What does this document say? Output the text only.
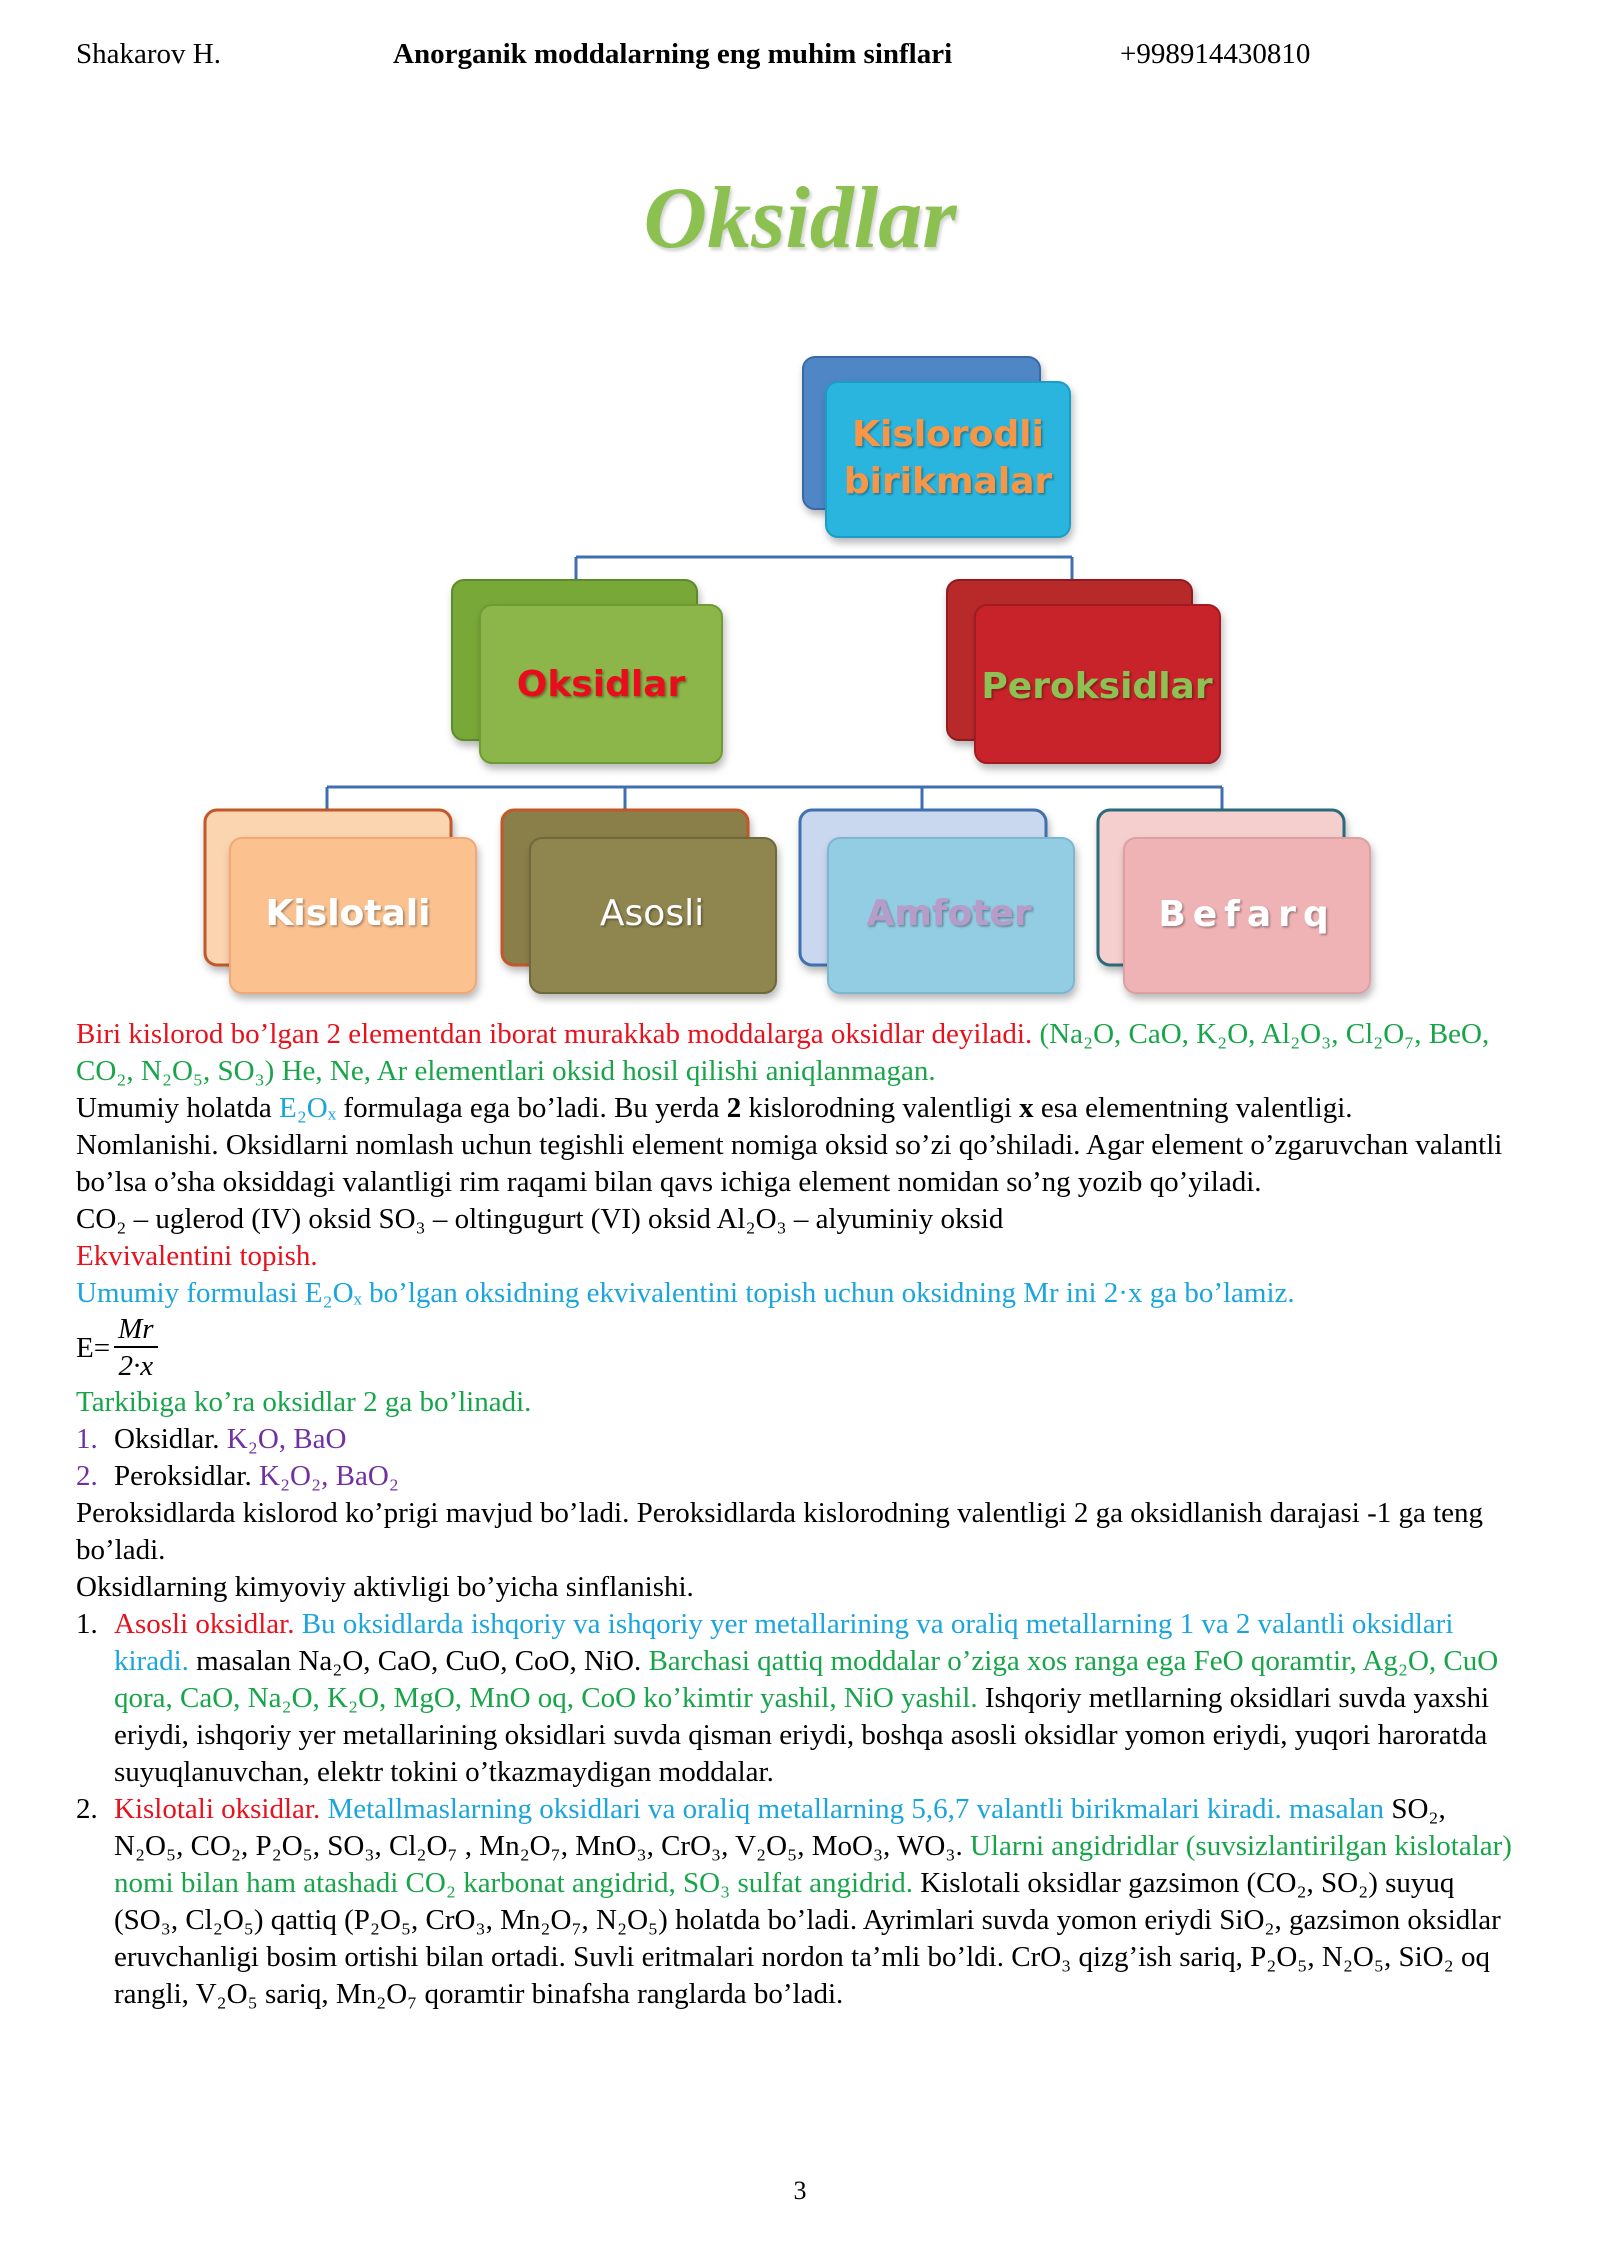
Shakarov H.	Anorganik moddalarning eng muhim sinflari	+998914430810
Oksidlar
Kislorodli
birikmalar
Oksidlar	Peroksidlar
Kislotali	Asosli	Amfoter	Befarq

Biri kislorod bo’lgan 2 elementdan iborat murakkab moddalarga oksidlar deyiladi. (Na₂O, CaO, K₂O, Al₂O₃, Cl₂O₇, BeO, CO₂, N₂O₅, SO₃) He, Ne, Ar elementlari oksid hosil qilishi aniqlanmagan.

Umumiy holatda E₂Oₓ formulaga ega bo’ladi. Bu yerda 2 kislorodning valentligi x esa elementning valentligi.

Nomlanishi. Oksidlarni nomlash uchun tegishli element nomiga oksid so’zi qo’shiladi. Agar element o’zgaruvchan valantli bo’lsa o’sha oksiddagi valantligi rim raqami bilan qavs ichiga element nomidan so’ng yozib qo’yiladi.

CO₂ – uglerod (IV) oksid SO₃ – oltingugurt (VI) oksid Al₂O₃ – alyuminiy oksid

Ekvivalentini topish.

Umumiy formulasi E₂Oₓ bo’lgan oksidning ekvivalentini topish uchun oksidning Mr ini 2·x ga bo’lamiz.

$E= \frac{Mr}{2\cdot x}$

Tarkibiga ko’ra oksidlar 2 ga bo’linadi.

1. Oksidlar. K₂O, BaO
2. Peroksidlar. K₂O₂, BaO₂

Peroksidlarda kislorod ko’prigi mavjud bo’ladi. Peroksidlarda kislorodning valentligi 2 ga oksidlanish darajasi -1 ga teng bo’ladi.

Oksidlarning kimyoviy aktivligi bo’yicha sinflanishi.

1. Asosli oksidlar. Bu oksidlarda ishqoriy va ishqoriy yer metallarining va oraliq metallarning 1 va 2 valantli oksidlari kiradi. masalan Na₂O, CaO, CuO, CoO, NiO. Barchasi qattiq moddalar o’ziga xos ranga ega FeO qoramtir, Ag₂O, CuO qora, CaO, Na₂O, K₂O, MgO, MnO oq, CoO ko’kimtir yashil, NiO yashil. Ishqoriy metllarning oksidlari suvda yaxshi eriydi, ishqoriy yer metallarining oksidlari suvda qisman eriydi, boshqa asosli oksidlar yomon eriydi, yuqori haroratda suyuqlanuvchan, elektr tokini o’tkazmaydigan moddalar.
2. Kislotali oksidlar. Metallmaslarning oksidlari va oraliq metallarning 5,6,7 valantli birikmalari kiradi. masalan SO₂, N₂O₅, CO₂, P₂O₅, SO₃, Cl₂O₇ , Mn₂O₇, MnO₃, CrO₃, V₂O₅, MoO₃, WO₃. Ularni angidridlar (suvsizlantirilgan kislotalar) nomi bilan ham atashadi CO₂ karbonat angidrid, SO₃ sulfat angidrid. Kislotali oksidlar gazsimon (CO₂, SO₂) suyuq (SO₃, Cl₂O₅) qattiq (P₂O₅, CrO₃, Mn₂O₇, N₂O₅) holatda bo’ladi. Ayrimlari suvda yomon eriydi SiO₂, gazsimon oksidlar eruvchanligi bosim ortishi bilan ortadi. Suvli eritmalari nordon ta’mli bo’ldi. CrO₃ qizg’ish sariq, P₂O₅, N₂O₅, SiO₂ oq rangli, V₂O₅ sariq, Mn₂O₇ qoramtir binafsha ranglarda bo’ladi.
3
